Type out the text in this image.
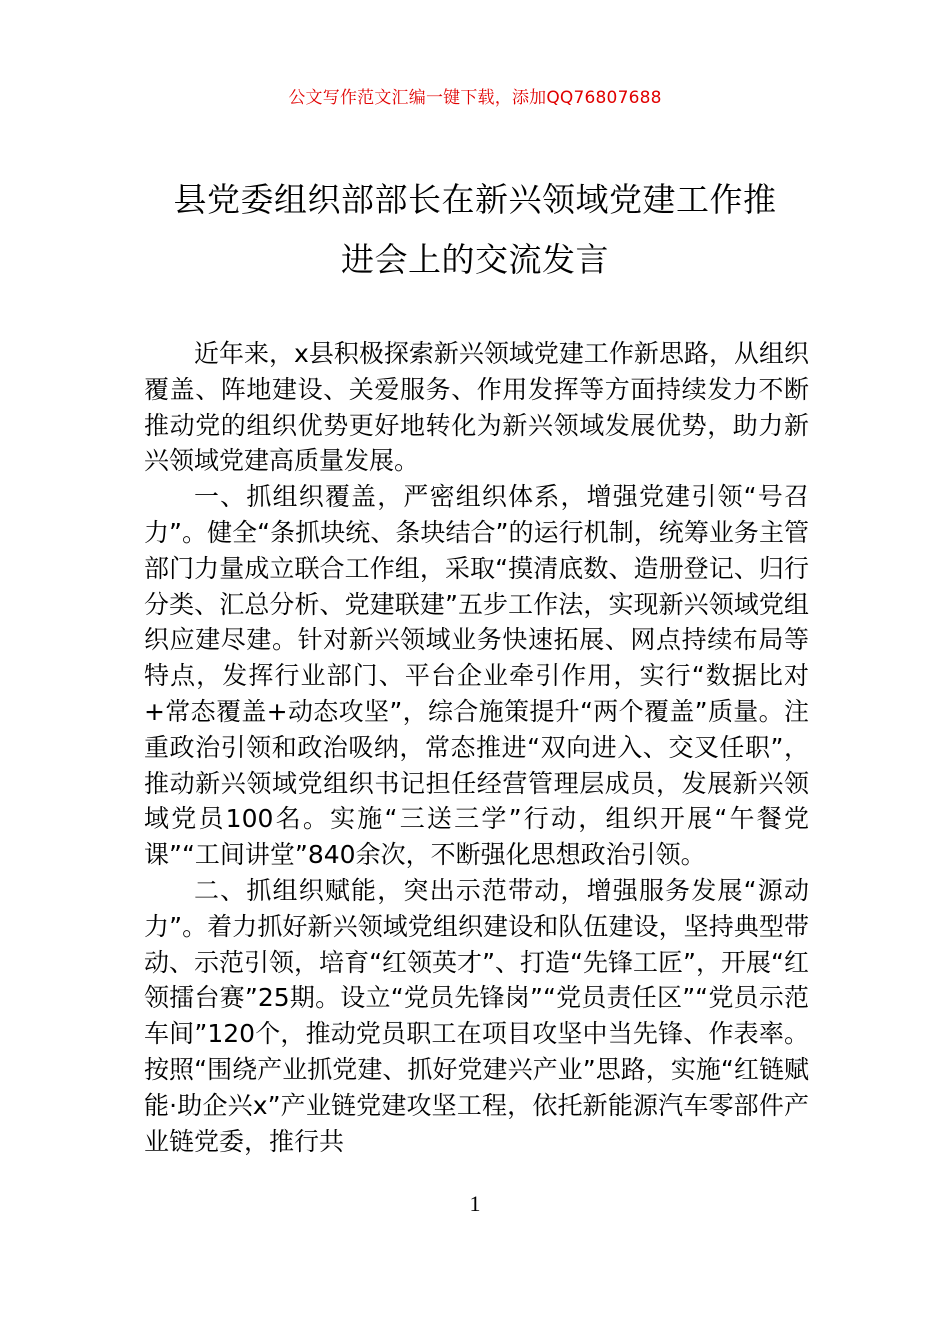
公文写作范文汇编一键下载，添加QQ76807688
县党委组织部部长在新兴领域党建工作推
进会上的交流发言

近年来，x县积极探索新兴领域党建工作新思路，从组织覆盖、阵地建设、关爱服务、作用发挥等方面持续发力不断推动党的组织优势更好地转化为新兴领域发展优势，助力新兴领域党建高质量发展。

一、抓组织覆盖，严密组织体系，增强党建引领“号召力”。健全“条抓块统、条块结合”的运行机制，统筹业务主管部门力量成立联合工作组，采取“摸清底数、造册登记、归行分类、汇总分析、党建联建”五步工作法，实现新兴领域党组织应建尽建。针对新兴领域业务快速拓展、网点持续布局等特点，发挥行业部门、平台企业牵引作用，实行“数据比对+常态覆盖+动态攻坚”，综合施策提升“两个覆盖”质量。注重政治引领和政治吸纳，常态推进“双向进入、交叉任职”，推动新兴领域党组织书记担任经营管理层成员，发展新兴领域党员100名。实施“三送三学”行动，组织开展“午餐党课”“工间讲堂”840余次，不断强化思想政治引领。

二、抓组织赋能，突出示范带动，增强服务发展“源动力”。着力抓好新兴领域党组织建设和队伍建设，坚持典型带动、示范引领，培育“红领英才”、打造“先锋工匠”，开展“红领擂台赛”25期。设立“党员先锋岗”“党员责任区”“党员示范车间”120个，推动党员职工在项目攻坚中当先锋、作表率。按照“围绕产业抓党建、抓好党建兴产业”思路，实施“红链赋能·助企兴x”产业链党建攻坚工程，依托新能源汽车零部件产业链党委，推行共

1
